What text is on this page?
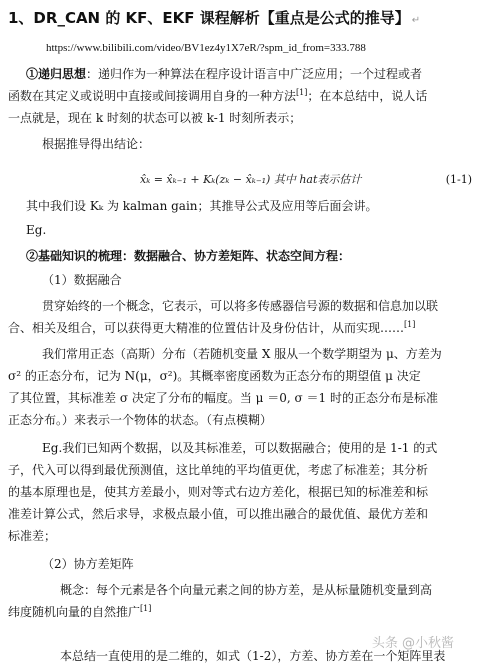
1、DR_CAN 的 KF、EKF 课程解析【重点是公式的推导】 ↵
https://www.bilibili.com/video/BV1ez4y1X7eR/?spm_id_from=333.788
①递归思想：递归作为一种算法在程序设计语言中广泛应用；一个过程或者
函数在其定义或说明中直接或间接调用自身的一种方法[1]；在本总结中，说人话
一点就是，现在 k 时刻的状态可以被 k-1 时刻所表示；
根据推导得出结论：
x̂ₖ = x̂ₖ₋₁ + Kₖ(zₖ − x̂ₖ₋₁) 其中 hat表示估计	(1-1)
其中我们设 Kₖ 为 kalman gain；其推导公式及应用等后面会讲。
Eg.
②基础知识的梳理：数据融合、协方差矩阵、状态空间方程：
（1）数据融合
贯穿始终的一个概念，它表示，可以将多传感器信号源的数据和信息加以联
合、相关及组合，可以获得更大精准的位置估计及身份估计，从而实现……[1]
我们常用正态（高斯）分布（若随机变量 X 服从一个数学期望为 μ、方差为
σ² 的正态分布，记为 N(μ，σ²)。其概率密度函数为正态分布的期望值 μ 决定
了其位置，其标准差 σ 决定了分布的幅度。当 μ ＝0, σ ＝1 时的正态分布是标准
正态分布。）来表示一个物体的状态。（有点模糊）
Eg.我们已知两个数据，以及其标准差，可以数据融合；使用的是 1-1 的式
子，代入可以得到最优预测值，这比单纯的平均值更优，考虑了标准差；其分析
的基本原理也是，使其方差最小，则对等式右边方差化，根据已知的标准差和标
准差计算公式，然后求导，求极点最小值，可以推出融合的最优值、最优方差和
标准差；
（2）协方差矩阵
概念：每个元素是各个向量元素之间的协方差，是从标量随机变量到高
纬度随机向量的自然推广[1]
本总结一直使用的是二维的，如式（1-2），方差、协方差在一个矩阵里表
头条 @小秋酱
